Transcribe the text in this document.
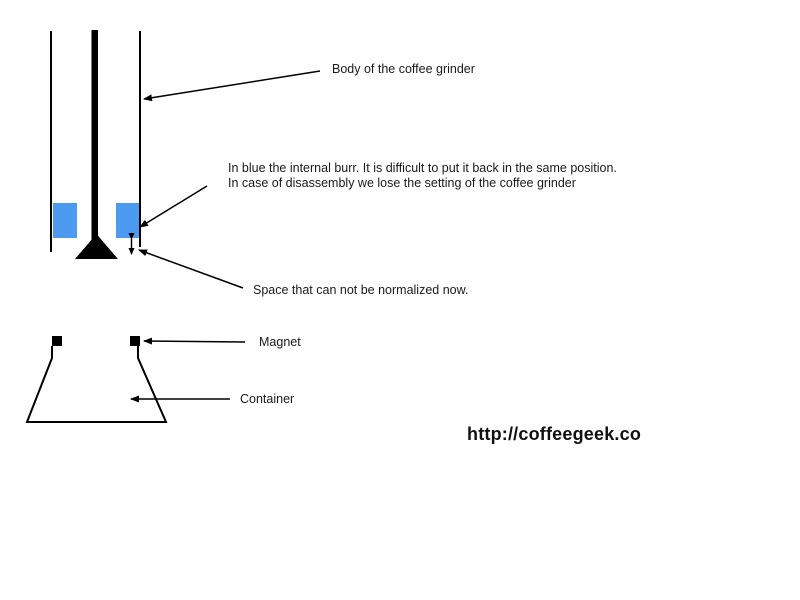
Body of the coffee grinder
In blue the internal burr. It is difficult to put it back in the same position.
In case of disassembly we lose the setting of the coffee grinder
Space that can not be normalized now.
Magnet
Container
http://coffeegeek.co
